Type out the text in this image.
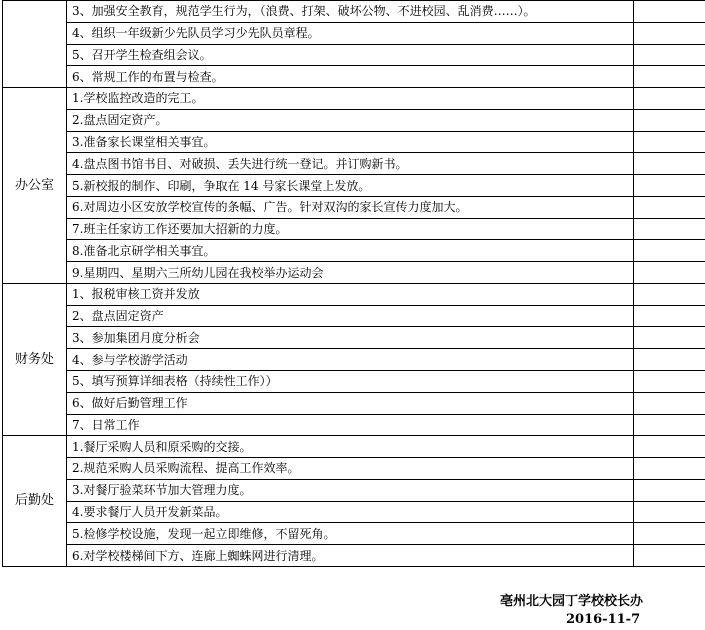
	3、加强安全教育，规范学生行为，（浪费、打架、破坏公物、不进校园、乱消费……）。	
	4、组织一年级新少先队员学习少先队员章程。	
	5、召开学生检查组会议。	
	6、常规工作的布置与检查。	
办公室	1.学校监控改造的完工。	
	2.盘点固定资产。	
	3.准备家长课堂相关事宜。	
	4.盘点图书馆书目、对破损、丢失进行统一登记。并订购新书。	
	5.新校报的制作、印刷，争取在 14 号家长课堂上发放。	
	6.对周边小区安放学校宣传的条幅、广告。针对双沟的家长宣传力度加大。	
	7.班主任家访工作还要加大招新的力度。	
	8.准备北京研学相关事宜。	
	9.星期四、星期六三所幼儿园在我校举办运动会	
财务处	1、报税审核工资并发放	
	2、盘点固定资产	
	3、参加集团月度分析会	
	4、参与学校游学活动	
	5、填写预算详细表格（持续性工作））	
	6、做好后勤管理工作	
	7、日常工作	
后勤处	1.餐厅采购人员和原采购的交接。	
	2.规范采购人员采购流程、提高工作效率。	
	3.对餐厅验菜环节加大管理力度。	
	4.要求餐厅人员开发新菜品。	
	5.检修学校设施，发现一起立即维修，不留死角。	
	6.对学校楼梯间下方、连廊上蜘蛛网进行清理。	
亳州北大园丁学校校长办
2016-11-7
